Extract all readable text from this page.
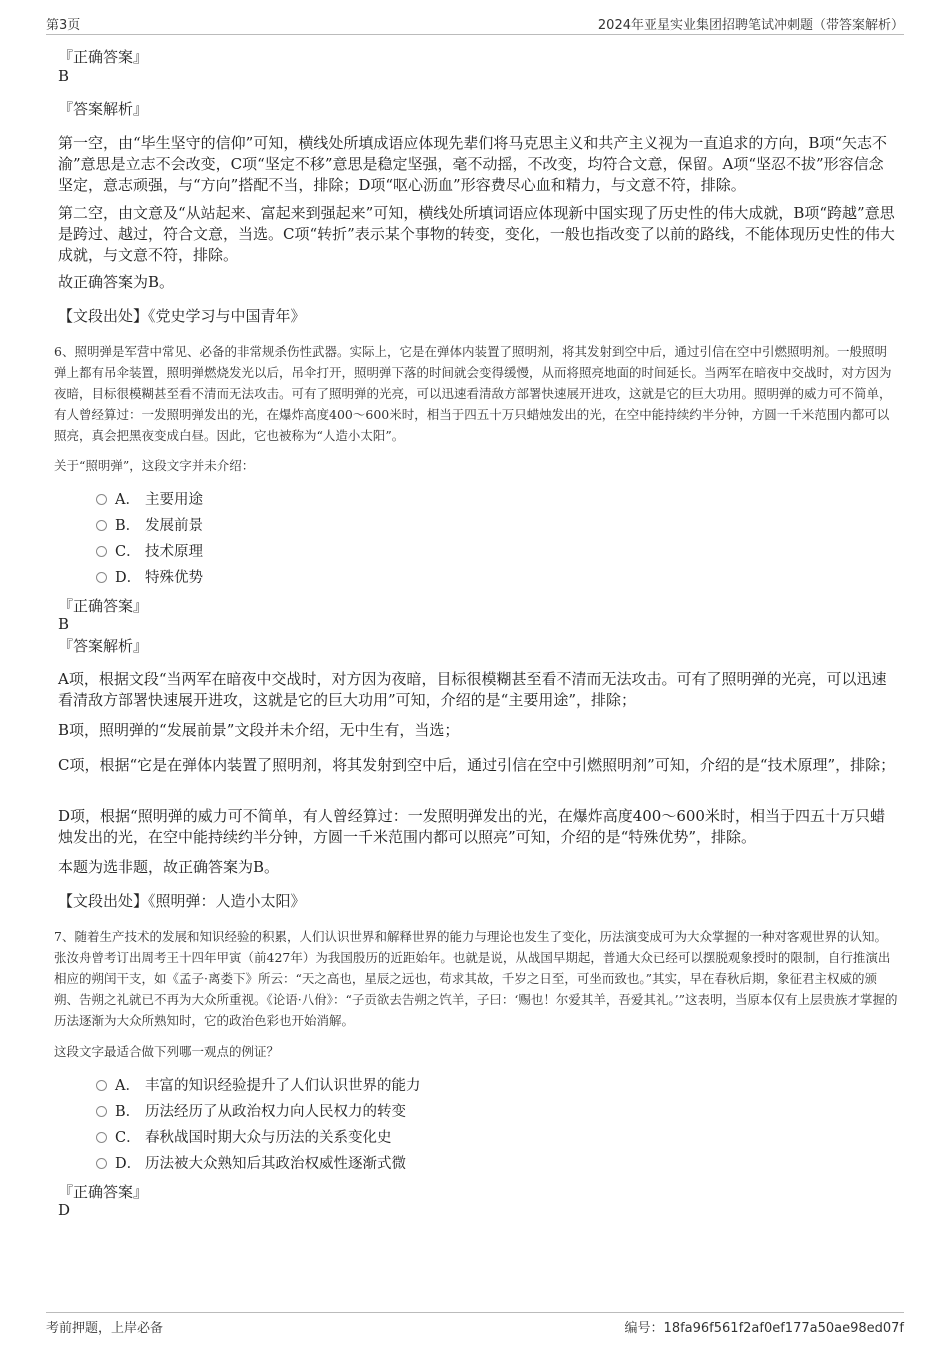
第3页	2024年亚星实业集团招聘笔试冲刺题（带答案解析）
『正确答案』
B
『答案解析』
第一空，由“毕生坚守的信仰”可知，横线处所填成语应体现先辈们将马克思主义和共产主义视为一直追求的方向，B项“矢志不渝”意思是立志不会改变，C项“坚定不移”意思是稳定坚强，毫不动摇，不改变，均符合文意，保留。A项“坚忍不拔”形容信念坚定，意志顽强，与“方向”搭配不当，排除；D项“呕心沥血”形容费尽心血和精力，与文意不符，排除。
第二空，由文意及“从站起来、富起来到强起来”可知，横线处所填词语应体现新中国实现了历史性的伟大成就，B项“跨越”意思是跨过、越过，符合文意，当选。C项“转折”表示某个事物的转变，变化，一般也指改变了以前的路线，不能体现历史性的伟大成就，与文意不符，排除。
故正确答案为B。
【文段出处】《党史学习与中国青年》
6、照明弹是军营中常见、必备的非常规杀伤性武器。实际上，它是在弹体内装置了照明剂，将其发射到空中后，通过引信在空中引燃照明剂。一般照明弹上都有吊伞装置，照明弹燃烧发光以后，吊伞打开，照明弹下落的时间就会变得缓慢，从而将照亮地面的时间延长。当两军在暗夜中交战时，对方因为夜暗，目标很模糊甚至看不清而无法攻击。可有了照明弹的光亮，可以迅速看清敌方部署快速展开进攻，这就是它的巨大功用。照明弹的威力可不简单，有人曾经算过：一发照明弹发出的光，在爆炸高度400～600米时，相当于四五十万只蜡烛发出的光，在空中能持续约半分钟，方圆一千米范围内都可以照亮，真会把黑夜变成白昼。因此，它也被称为“人造小太阳”。
关于“照明弹”，这段文字并未介绍：
A． 主要用途
B． 发展前景
C． 技术原理
D． 特殊优势
『正确答案』
B
『答案解析』
A项，根据文段“当两军在暗夜中交战时，对方因为夜暗，目标很模糊甚至看不清而无法攻击。可有了照明弹的光亮，可以迅速看清敌方部署快速展开进攻，这就是它的巨大功用”可知，介绍的是“主要用途”，排除；
B项，照明弹的“发展前景”文段并未介绍，无中生有，当选；
C项，根据“它是在弹体内装置了照明剂，将其发射到空中后，通过引信在空中引燃照明剂”可知，介绍的是“技术原理”，排除；
D项，根据“照明弹的威力可不简单，有人曾经算过：一发照明弹发出的光，在爆炸高度400～600米时，相当于四五十万只蜡烛发出的光，在空中能持续约半分钟，方圆一千米范围内都可以照亮”可知，介绍的是“特殊优势”，排除。
本题为选非题，故正确答案为B。
【文段出处】《照明弹：人造小太阳》
7、随着生产技术的发展和知识经验的积累，人们认识世界和解释世界的能力与理论也发生了变化，历法演变成可为大众掌握的一种对客观世界的认知。张汝舟曾考订出周考王十四年甲寅（前427年）为我国殷历的近距始年。也就是说，从战国早期起，普通大众已经可以摆脱观象授时的限制，自行推演出相应的朔闰干支，如《孟子·离娄下》所云：“天之高也，星辰之远也，苟求其故，千岁之日至，可坐而致也。”其实，早在春秋后期，象征君主权威的颁朔、告朔之礼就已不再为大众所重视。《论语·八佾》：“子贡欲去告朔之饩羊，子曰：‘赐也！尔爱其羊，吾爱其礼。’”这表明，当原本仅有上层贵族才掌握的历法逐渐为大众所熟知时，它的政治色彩也开始消解。
这段文字最适合做下列哪一观点的例证？
A． 丰富的知识经验提升了人们认识世界的能力
B． 历法经历了从政治权力向人民权力的转变
C． 春秋战国时期大众与历法的关系变化史
D． 历法被大众熟知后其政治权威性逐渐式微
『正确答案』
D
考前押题，上岸必备	编号：18fa96f561f2af0ef177a50ae98ed07f
